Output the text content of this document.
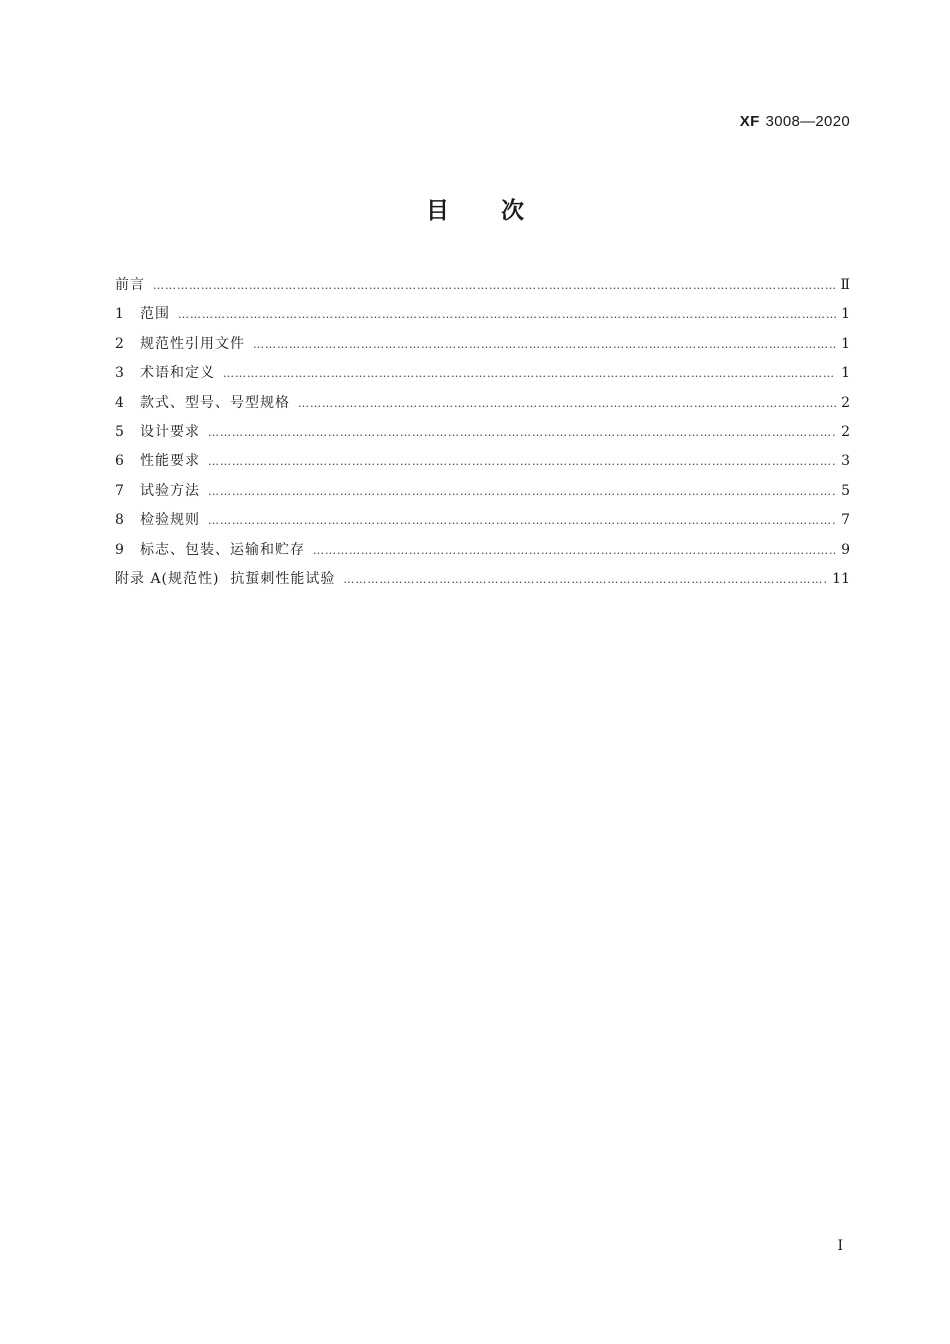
XF 3008—2020
目次
前言 ……………………………………………………………………………………………………………………………………………………………………………………………………………………………………	Ⅱ
1	范围 ……………………………………………………………………………………………………………………………………………………………………………………………………………………………………	1
2	规范性引用文件 ……………………………………………………………………………………………………………………………………………………………………………………………………………………………………	1
3	术语和定义 ……………………………………………………………………………………………………………………………………………………………………………………………………………………………………	1
4	款式、型号、号型规格 ……………………………………………………………………………………………………………………………………………………………………………………………………………………………………	2
5	设计要求 ……………………………………………………………………………………………………………………………………………………………………………………………………………………………………	2
6	性能要求 ……………………………………………………………………………………………………………………………………………………………………………………………………………………………………	3
7	试验方法 ……………………………………………………………………………………………………………………………………………………………………………………………………………………………………	5
8	检验规则 ……………………………………………………………………………………………………………………………………………………………………………………………………………………………………	7
9	标志、包装、运输和贮存 ……………………………………………………………………………………………………………………………………………………………………………………………………………………………………	9
附录 A(规范性)  抗蜇刺性能试验 ……………………………………………………………………………………………………………………………………………………………………………………………………………………………………	11
Ⅰ
